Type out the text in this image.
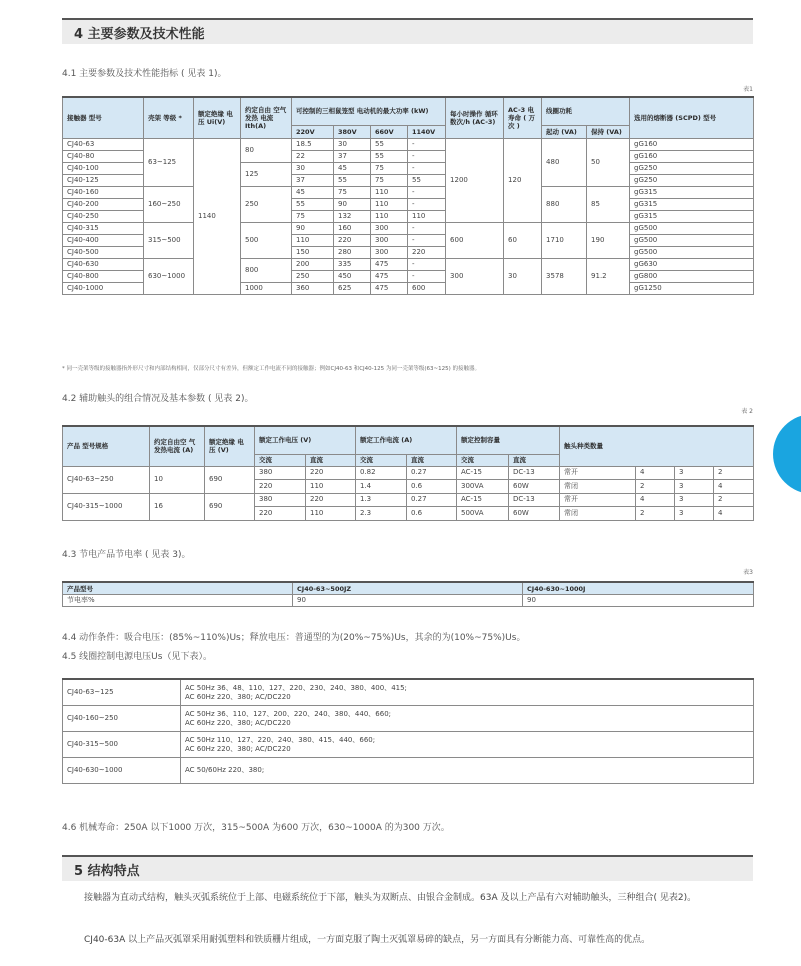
4 主要参数及技术性能
4.1 主要参数及技术性能指标 ( 见表 1)。
表1
接触器 型号	壳架 等级 *	额定绝缘 电压 Ui(V)	约定自由 空气发热 电流 Ith(A)	可控制的三相鼠笼型 电动机的最大功率 (kW)				每小时操作 循环数次/h (AC-3)	AC-3 电寿命 ( 万次 )	线圈功耗		选用的熔断器 (SCPD) 型号
				220V	380V	660V	1140V			起动 (VA)	保持 (VA)	
CJ40-63	63~125	1140	80	18.5	30	55	-	1200	120	480	50	gG160
CJ40-80				22	37	55	-					gG160
CJ40-100			125	30	45	75	-					gG250
CJ40-125				37	55	75	55					gG250
CJ40-160	160~250		250	45	75	110	-			880	85	gG315
CJ40-200				55	90	110	-					gG315
CJ40-250				75	132	110	110					gG315
CJ40-315	315~500		500	90	160	300	-	600	60	1710	190	gG500
CJ40-400				110	220	300	-					gG500
CJ40-500				150	280	300	220					gG500
CJ40-630	630~1000		800	200	335	475	-	300	30	3578	91.2	gG630
CJ40-800				250	450	475	-					gG800
CJ40-1000			1000	360	625	475	600					gG1250
* 同一壳架等级的接触器指外形尺寸和内部结构相同，仅部分尺寸有差异，但额定工作电流不同的接触器；例如CJ40-63 和CJ40-125 为同一壳架等级(63~125) 的接触器。
4.2 辅助触头的组合情况及基本参数 ( 见表 2)。
表 2
产品 型号规格	约定自由空 气发热电流 (A)	额定绝缘 电压 (V)	额定工作电压 (V)		额定工作电流 (A)		额定控制容量		触头种类数量			
			交流	直流	交流	直流	交流	直流				
CJ40-63~250	10	690	380	220	0.82	0.27	AC-15	DC-13	常开	4	3	2
			220	110	1.4	0.6	300VA	60W	常闭	2	3	4
CJ40-315~1000	16	690	380	220	1.3	0.27	AC-15	DC-13	常开	4	3	2
			220	110	2.3	0.6	500VA	60W	常闭	2	3	4
4.3 节电产品节电率 ( 见表 3)。
表3
产品型号	CJ40-63~500JZ	CJ40-630~1000J
节电率%	90	90
4.4 动作条件：吸合电压：(85%~110%)Us；释放电压：普通型的为(20%~75%)Us，其余的为(10%~75%)Us。
4.5 线圈控制电源电压Us（见下表）。
CJ40-63~125	AC 50Hz 36、48、110、127、220、230、240、380、400、415;
AC 60Hz 220、380; AC/DC220

CJ40-160~250	AC 50Hz 36、110、127、200、220、240、380、440、660;
AC 60Hz 220、380; AC/DC220

CJ40-315~500	AC 50Hz 110、127、220、240、380、415、440、660;
AC 60Hz 220、380; AC/DC220

CJ40-630~1000	AC 50/60Hz 220、380;
4.6 机械寿命：250A 以下1000 万次，315~500A 为600 万次，630~1000A 的为300 万次。
5 结构特点
接触器为直动式结构，触头灭弧系统位于上部、电磁系统位于下部，触头为双断点、由银合金制成。63A 及以上产品有六对辅助触头，三种组合( 见表2)。
CJ40-63A 以上产品灭弧罩采用耐弧塑料和铁质栅片组成，一方面克服了陶土灭弧罩易碎的缺点，另一方面具有分断能力高、可靠性高的优点。
